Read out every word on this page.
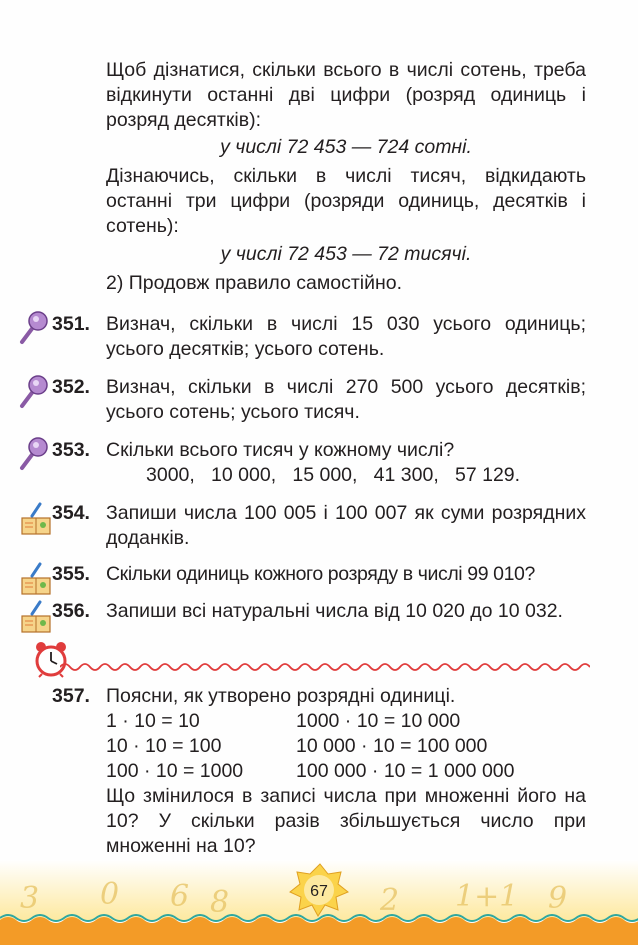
Щоб дізнатися, скільки всього в числі сотень, треба відкинути останні дві цифри (розряд одиниць і розряд десятків):
у числі 72 453 — 724 сотні.
Дізнаючись, скільки в числі тисяч, відкидають останні три цифри (розряди одиниць, десятків і сотень):
у числі 72 453 — 72 тисячі.
2) Продовж правило самостійно.
351. Визнач, скільки в числі 15 030 усього одиниць; усього десятків; усього сотень.
352. Визнач, скільки в числі 270 500 усього десятків; усього сотень; усього тисяч.
353. Скільки всього тисяч у кожному числі?
3000,   10 000,   15 000,   41 300,   57 129.
354. Запиши числа 100 005 і 100 007 як суми розрядних доданків.
355. Скільки одиниць кожного розряду в числі 99 010?
356. Запиши всі натуральні числа від 10 020 до 10 032.
357. Поясни, як утворено розрядні одиниці.
1 · 10 = 10
10 · 10 = 100
100 · 10 = 1000
1000 · 10 = 10 000
10 000 · 10 = 100 000
100 000 · 10 = 1 000 000
Що змінилося в записі числа при множенні його на 10? У скільки разів збільшується число при множенні на 10?
3 0 6 8	2 1+1 9
67
